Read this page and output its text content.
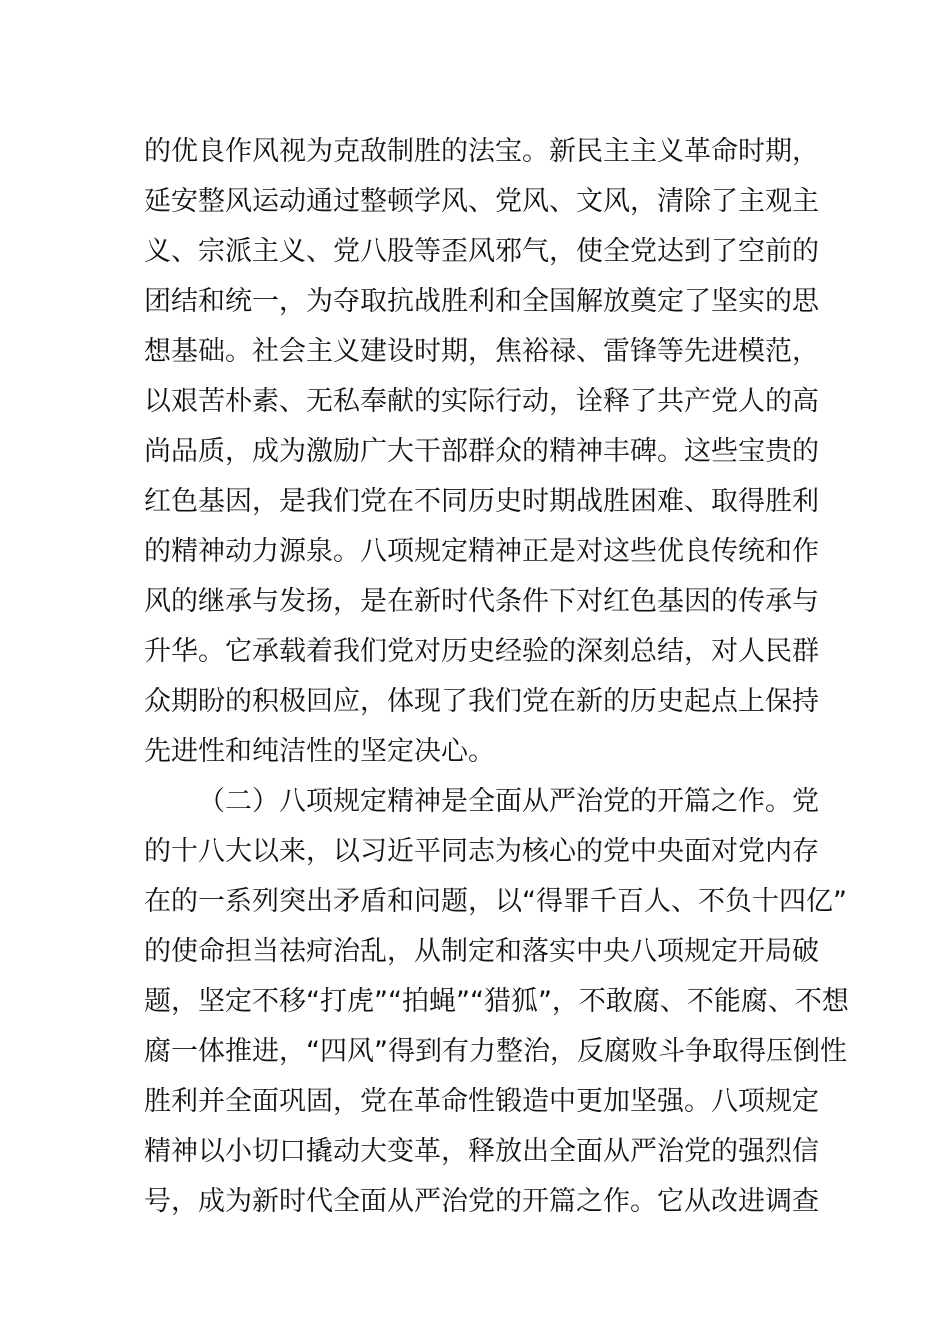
的优良作风视为克敌制胜的法宝。新民主主义革命时期，
延安整风运动通过整顿学风、党风、文风，清除了主观主
义、宗派主义、党八股等歪风邪气，使全党达到了空前的
团结和统一，为夺取抗战胜利和全国解放奠定了坚实的思
想基础。社会主义建设时期，焦裕禄、雷锋等先进模范，
以艰苦朴素、无私奉献的实际行动，诠释了共产党人的高
尚品质，成为激励广大干部群众的精神丰碑。这些宝贵的
红色基因，是我们党在不同历史时期战胜困难、取得胜利
的精神动力源泉。八项规定精神正是对这些优良传统和作
风的继承与发扬，是在新时代条件下对红色基因的传承与
升华。它承载着我们党对历史经验的深刻总结，对人民群
众期盼的积极回应，体现了我们党在新的历史起点上保持
先进性和纯洁性的坚定决心。
（二）八项规定精神是全面从严治党的开篇之作。党
的十八大以来，以习近平同志为核心的党中央面对党内存
在的一系列突出矛盾和问题，以“得罪千百人、不负十四亿”
的使命担当祛疴治乱，从制定和落实中央八项规定开局破
题，坚定不移“打虎”“拍蝇”“猎狐”，不敢腐、不能腐、不想
腐一体推进，“四风”得到有力整治，反腐败斗争取得压倒性
胜利并全面巩固，党在革命性锻造中更加坚强。八项规定
精神以小切口撬动大变革，释放出全面从严治党的强烈信
号，成为新时代全面从严治党的开篇之作。它从改进调查
